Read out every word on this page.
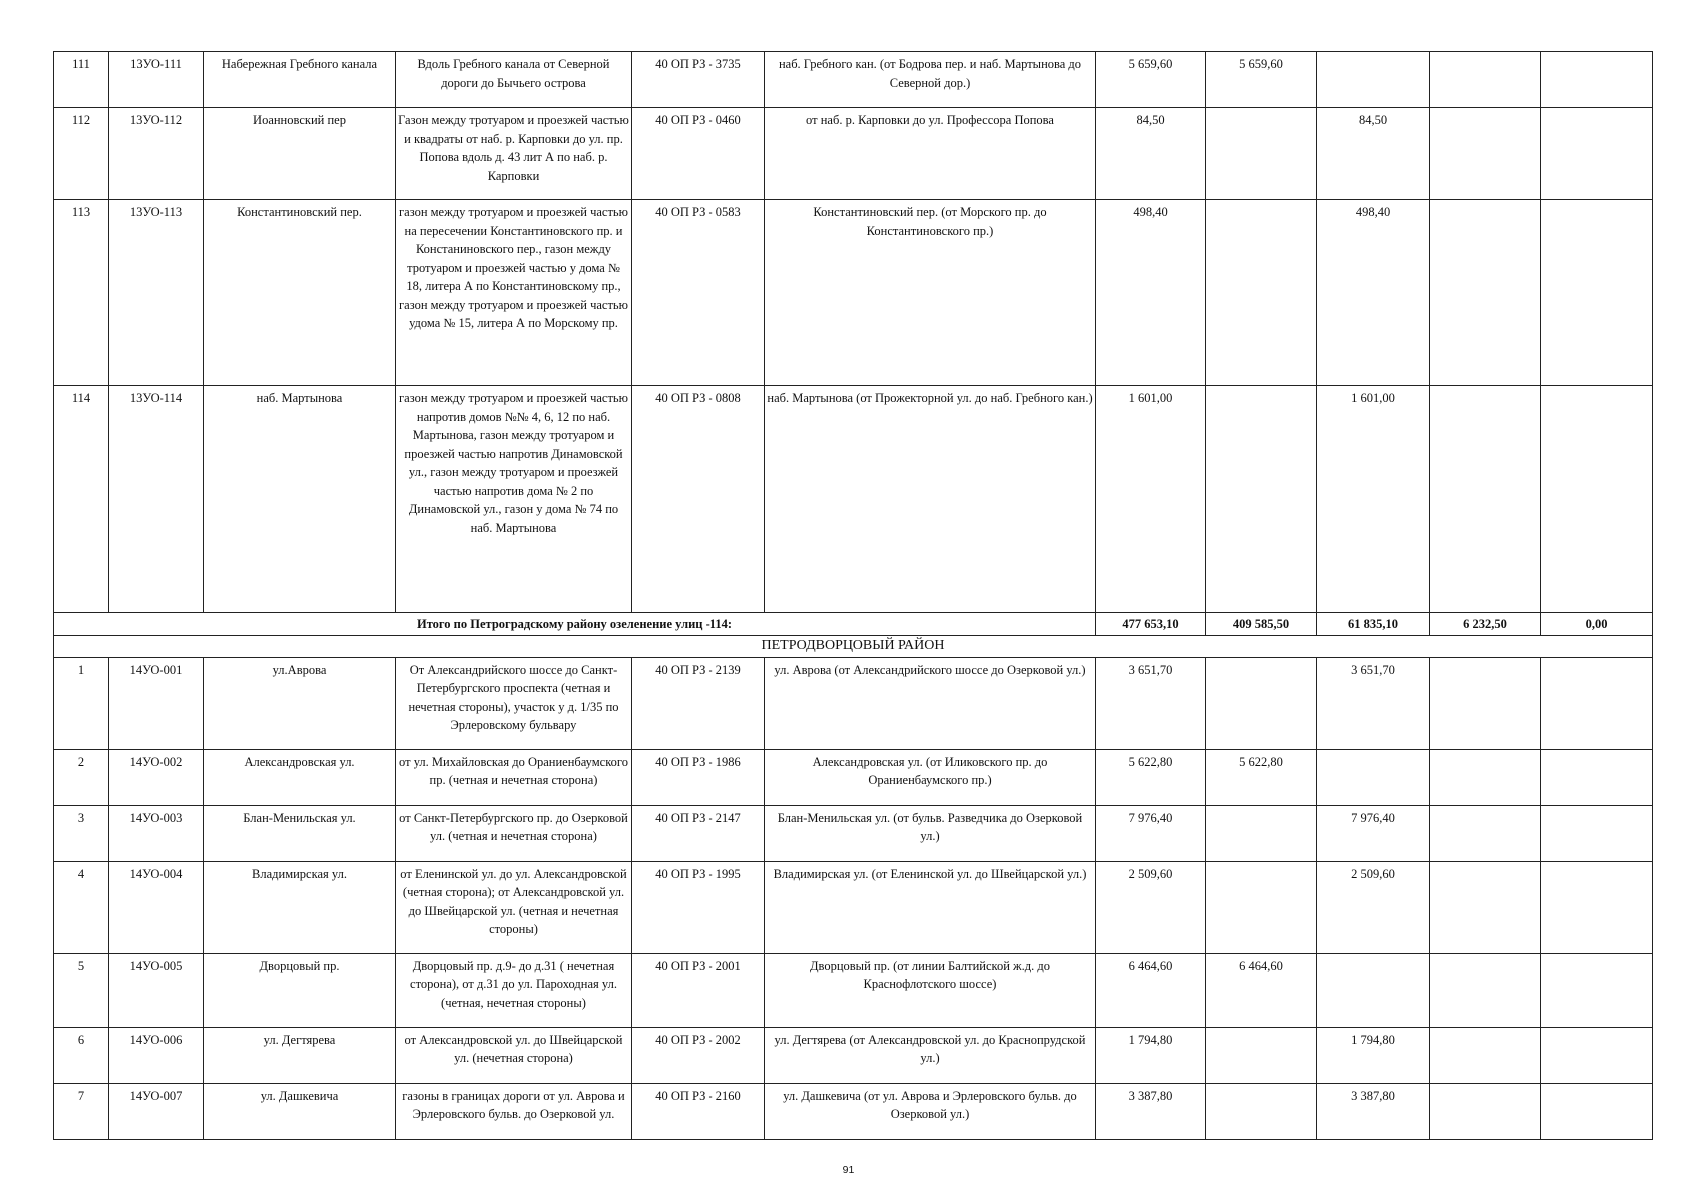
111	13УО-111	Набережная Гребного канала	Вдоль Гребного канала от Северной дороги до Бычьего острова	40 ОП РЗ - 3735	наб. Гребного кан. (от Бодрова пер. и наб. Мартынова до Северной дор.)	5 659,60	5 659,60			
112	13УО-112	Иоанновский пер	Газон между тротуаром и проезжей частью и квадраты от наб. р. Карповки до ул. пр. Попова вдоль д. 43 лит А по наб. р. Карповки	40 ОП РЗ - 0460	от наб. р. Карповки до ул. Профессора Попова	84,50		84,50		
113	13УО-113	Константиновский пер.	газон между тротуаром и проезжей частью на пересечении Константиновского пр. и Констаниновского пер., газон между тротуаром и проезжей частью у дома № 18, литера А по Константиновскому пр., газон между тротуаром и проезжей частью удома № 15, литера А по Морскому пр.	40 ОП РЗ - 0583	Константиновский пер. (от Морского пр. до Константиновского пр.)	498,40		498,40		
114	13УО-114	наб. Мартынова	газон между тротуаром и проезжей частью напротив домов №№ 4, 6, 12 по наб. Мартынова, газон между тротуаром и проезжей частью напротив Динамовской ул., газон между тротуаром и проезжей частью напротив дома № 2 по Динамовской ул., газон у дома № 74 по наб. Мартынова	40 ОП РЗ - 0808	наб. Мартынова (от Прожекторной ул. до наб. Гребного кан.)	1 601,00		1 601,00		
Итого по Петроградскому району озеленение улиц -114:						477 653,10	409 585,50	61 835,10	6 232,50	0,00
ПЕТРОДВОРЦОВЫЙ РАЙОН										
1	14УО-001	ул.Аврова	От Александрийского шоссе до Санкт-Петербургского проспекта (четная и нечетная стороны), участок у д. 1/35 по Эрлеровскому бульвару	40 ОП РЗ - 2139	ул. Аврова (от Александрийского шоссе до Озерковой ул.)	3 651,70		3 651,70		
2	14УО-002	Александровская ул.	от ул. Михайловская до Ораниенбаумского пр. (четная и нечетная сторона)	40 ОП РЗ - 1986	Александровская ул. (от Иликовского пр. до Ораниенбаумского пр.)	5 622,80	5 622,80			
3	14УО-003	Блан-Менильская ул.	от Санкт-Петербургского пр. до Озерковой ул. (четная и нечетная сторона)	40 ОП РЗ - 2147	Блан-Менильская ул. (от бульв. Разведчика до Озерковой ул.)	7 976,40		7 976,40		
4	14УО-004	Владимирская ул.	от Еленинской ул. до ул. Александровской (четная сторона); от Александровской ул. до Швейцарской ул. (четная и нечетная стороны)	40 ОП РЗ - 1995	Владимирская ул. (от Еленинской ул. до Швейцарской ул.)	2 509,60		2 509,60		
5	14УО-005	Дворцовый пр.	Дворцовый пр. д.9- до д.31 ( нечетная сторона), от д.31 до ул. Пароходная ул. (четная, нечетная стороны)	40 ОП РЗ - 2001	Дворцовый пр. (от линии Балтийской ж.д. до Краснофлотского шоссе)	6 464,60	6 464,60			
6	14УО-006	ул. Дегтярева	от Александровской ул. до Швейцарской ул. (нечетная сторона)	40 ОП РЗ - 2002	ул. Дегтярева (от Александровской ул. до Краснопрудской ул.)	1 794,80		1 794,80		
7	14УО-007	ул. Дашкевича	газоны в границах дороги от ул. Аврова и Эрлеровского бульв. до Озерковой ул.	40 ОП РЗ - 2160	ул. Дашкевича (от ул. Аврова и Эрлеровского бульв. до Озерковой ул.)	3 387,80		3 387,80		
91
